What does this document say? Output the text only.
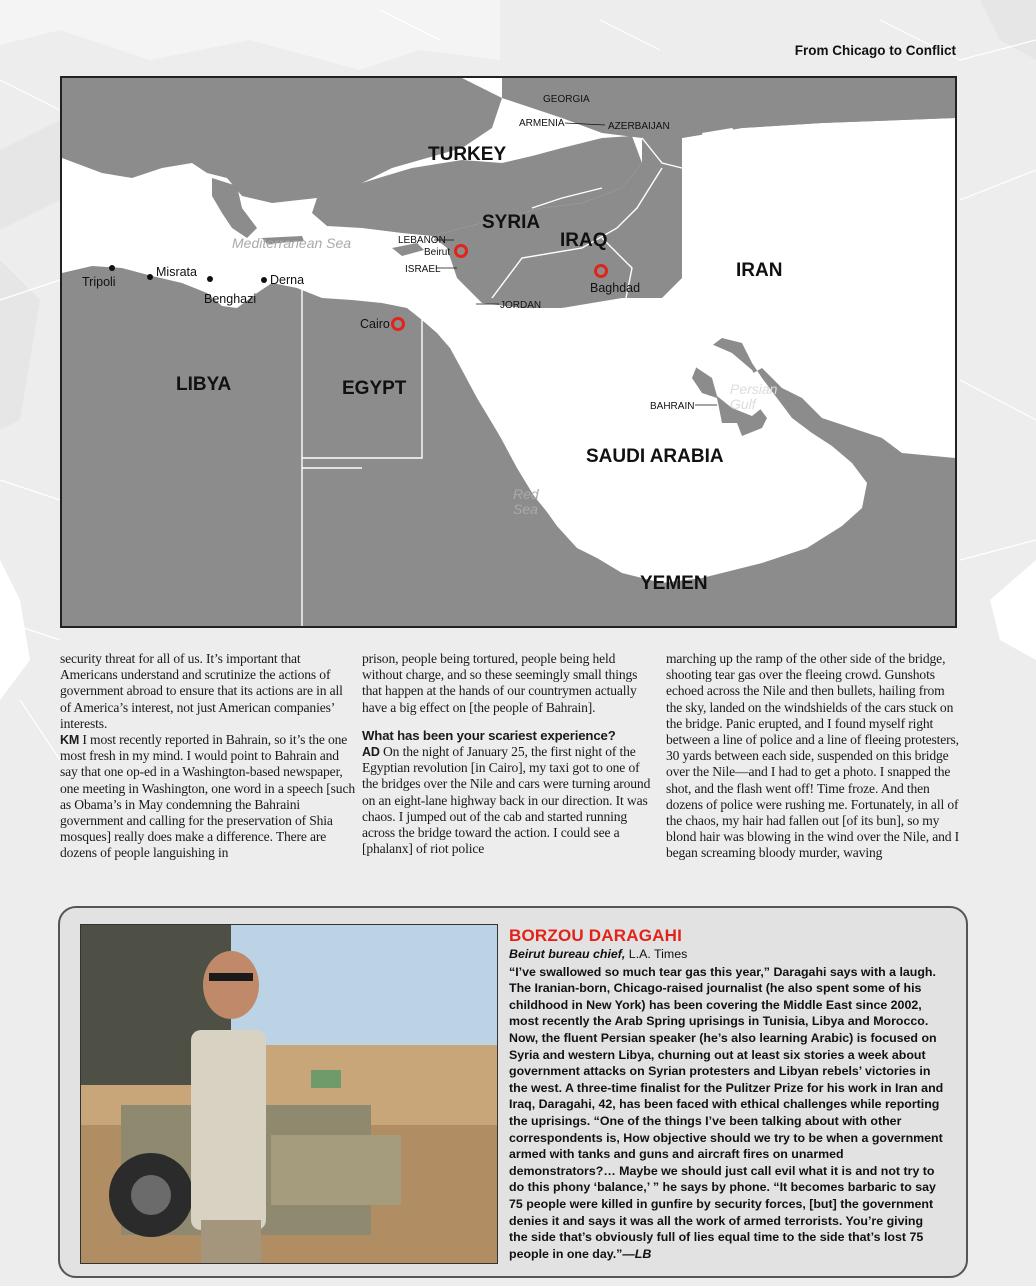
From Chicago to Conflict
TURKEY
SYRIA
IRAQ
IRAN
LIBYA	EGYPT
SAUDI ARABIA
YEMEN
GEORGIA
ARMENIA	AZERBAIJAN
LEBANON
ISRAEL
JORDAN
BAHRAIN
Mediterranean Sea
Red
Sea
Persian
Gulf
Tripoli
Misrata
Benghazi
Derna
Beirut
Baghdad
Cairo

security threat for all of us. It’s important that Americans understand and scrutinize the actions of government abroad to ensure that its actions are in all of America’s interest, not just American companies’ interests.

KM I most recently reported in Bahrain, so it’s the one most fresh in my mind. I would point to Bahrain and say that one op-ed in a Washington-based newspaper, one meeting in Washington, one word in a speech [such as Obama’s in May condemning the Bahraini government and calling for the preservation of Shia mosques] really does make a difference. There are dozens of people languishing in

prison, people being tortured, people being held without charge, and so these seemingly small things that happen at the hands of our countrymen actually have a big effect on [the people of Bahrain].

What has been your scariest experience?

AD On the night of January 25, the first night of the Egyptian revolution [in Cairo], my taxi got to one of the bridges over the Nile and cars were turning around on an eight-lane highway back in our direction. It was chaos. I jumped out of the cab and started running across the bridge toward the action. I could see a [phalanx] of riot police

marching up the ramp of the other side of the bridge, shooting tear gas over the fleeing crowd. Gunshots echoed across the Nile and then bullets, hailing from the sky, landed on the windshields of the cars stuck on the bridge. Panic erupted, and I found myself right between a line of police and a line of fleeing protesters, 30 yards between each side, suspended on this bridge over the Nile—and I had to get a photo. I snapped the shot, and the flash went off! Time froze. And then dozens of police were rushing me. Fortunately, in all of the chaos, my hair had fallen out [of its bun], so my blond hair was blowing in the wind over the Nile, and I began screaming bloody murder, waving

BORZOU DARAGAHI
Beirut bureau chief, L.A. Times
“I’ve swallowed so much tear gas this year,” Daragahi says with a laugh. The Iranian-born, Chicago-raised journalist (he also spent some of his childhood in New York) has been covering the Middle East since 2002, most recently the Arab Spring uprisings in Tunisia, Libya and Morocco. Now, the fluent Persian speaker (he’s also learning Arabic) is focused on Syria and western Libya, churning out at least six stories a week about government attacks on Syrian protesters and Libyan rebels’ victories in the west. A three-time finalist for the Pulitzer Prize for his work in Iran and Iraq, Daragahi, 42, has been faced with ethical challenges while reporting the uprisings. “One of the things I’ve been talking about with other correspondents is, How objective should we try to be when a government armed with tanks and guns and aircraft fires on unarmed demonstrators?… Maybe we should just call evil what it is and not try to do this phony ‘balance,’ ” he says by phone. “It becomes barbaric to say 75 people were killed in gunfire by security forces, [but] the government denies it and says it was all the work of armed terrorists. You’re giving the side that’s obviously full of lies equal time to the side that’s lost 75 people in one day.”—LB
